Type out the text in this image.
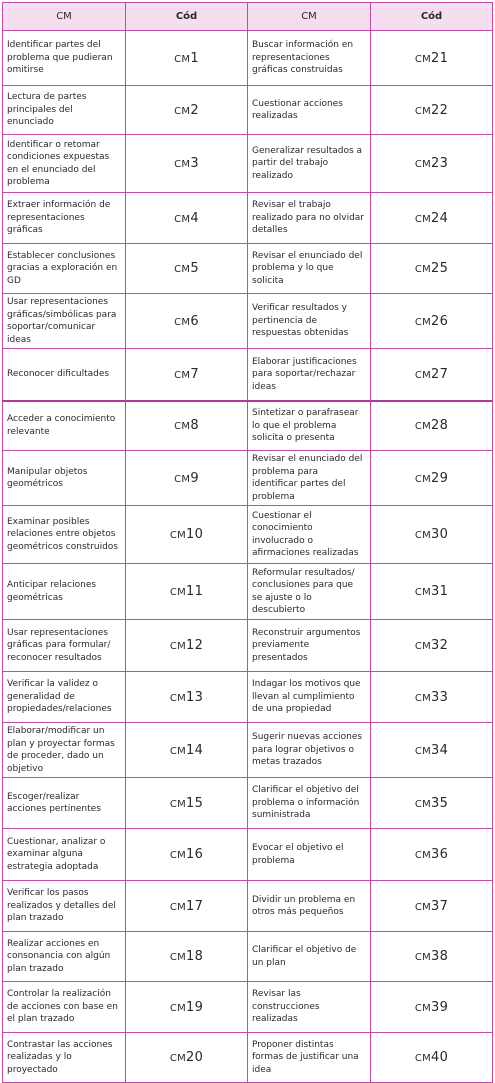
CM	Cód	CM	Cód
Identificar partes del problema que pudieran omitirse	CM1	Buscar información en representaciones gráficas construidas	CM21
Lectura de partes principales del enunciado	CM2	Cuestionar acciones realizadas	CM22
Identificar o retomar condiciones expuestas en el enunciado del problema	CM3	Generalizar resultados a partir del trabajo realizado	CM23
Extraer información de representaciones gráficas	CM4	Revisar el trabajo realizado para no olvidar detalles	CM24
Establecer conclusiones gracias a exploración en GD	CM5	Revisar el enunciado del problema y lo que solicita	CM25
Usar representaciones gráficas/simbólicas para soportar/comunicar ideas	CM6	Verificar resultados y pertinencia de respuestas obtenidas	CM26
Reconocer dificultades	CM7	Elaborar justificaciones para soportar/rechazar ideas	CM27
Acceder a conocimiento relevante	CM8	Sintetizar o parafrasear lo que el problema solicita o presenta	CM28
Manipular objetos geométricos	CM9	Revisar el enunciado del problema para identificar partes del problema	CM29
Examinar posibles relaciones entre objetos geométricos construidos	CM10	Cuestionar el conocimiento involucrado o afirmaciones realizadas	CM30
Anticipar relaciones geométricas	CM11	Reformular resultados/ conclusiones para que se ajuste o lo descubierto	CM31
Usar representaciones gráficas para formular/ reconocer resultados	CM12	Reconstruir argumentos previamente presentados	CM32
Verificar la validez o generalidad de propiedades/relaciones	CM13	Indagar los motivos que llevan al cumplimiento de una propiedad	CM33
Elaborar/modificar un plan y proyectar formas de proceder, dado un objetivo	CM14	Sugerir nuevas acciones para lograr objetivos o metas trazados	CM34
Escoger/realizar acciones pertinentes	CM15	Clarificar el objetivo del problema o información suministrada	CM35
Cuestionar, analizar o examinar alguna estrategia adoptada	CM16	Evocar el objetivo el problema	CM36
Verificar los pasos realizados y detalles del plan trazado	CM17	Dividir un problema en otros más pequeños	CM37
Realizar acciones en consonancia con algún plan trazado	CM18	Clarificar el objetivo de un plan	CM38
Controlar la realización de acciones con base en el plan trazado	CM19	Revisar las construcciones realizadas	CM39
Contrastar las acciones realizadas y lo proyectado	CM20	Proponer distintas formas de justificar una idea	CM40
